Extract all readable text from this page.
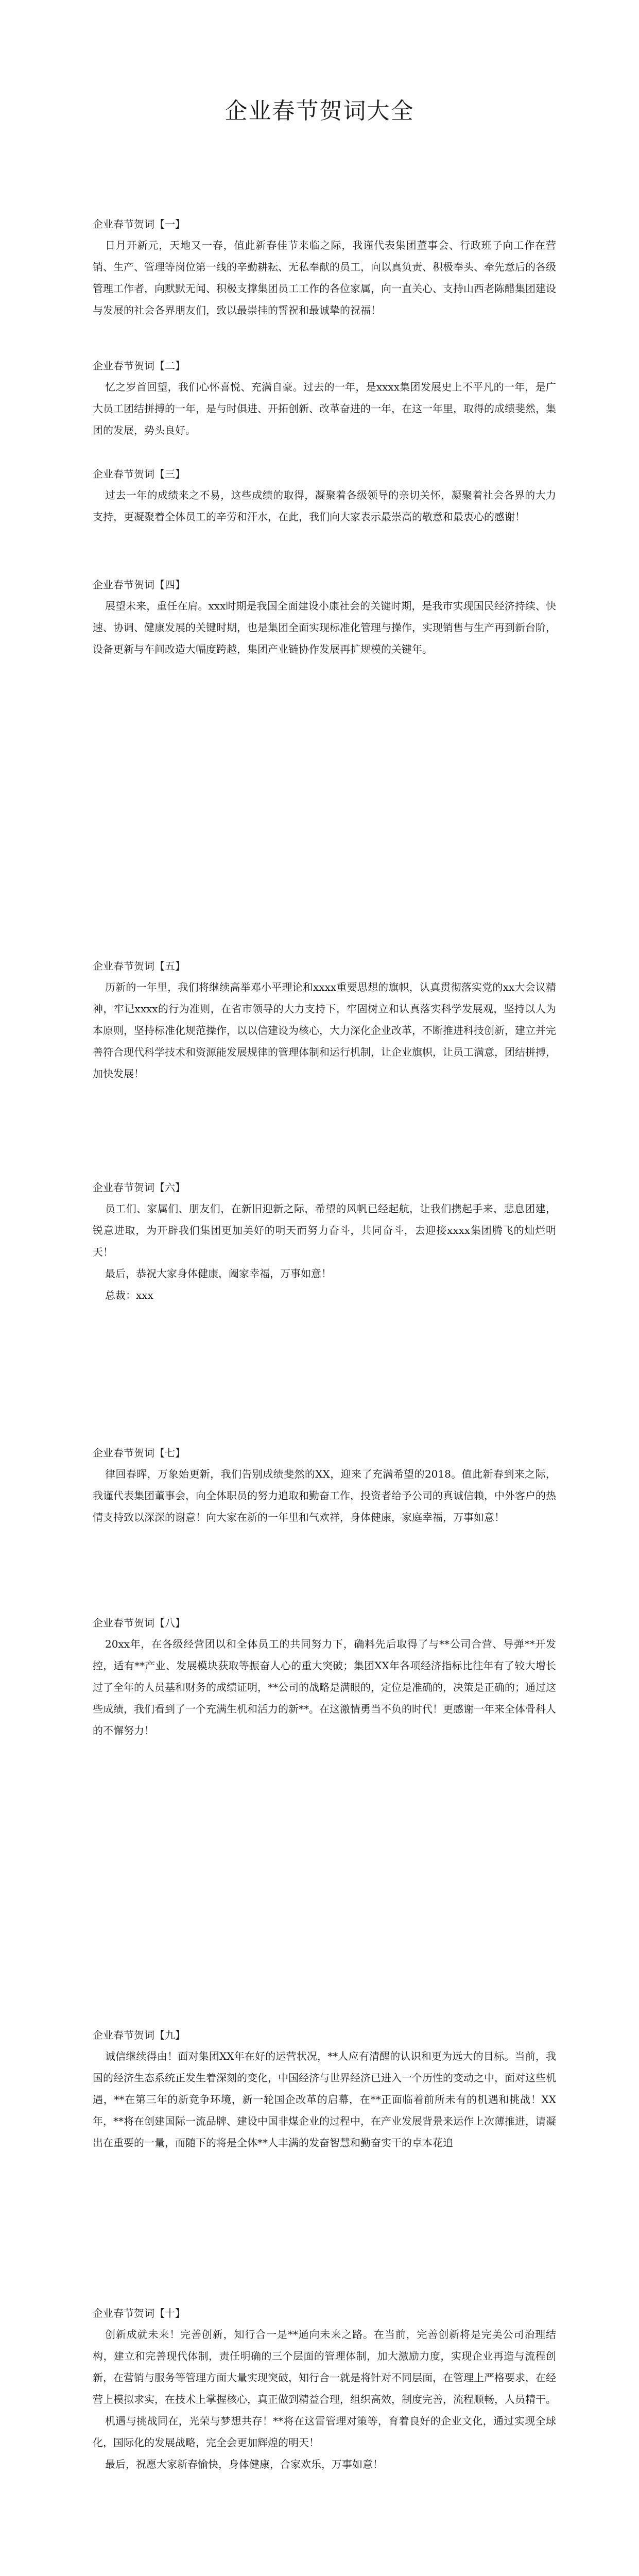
企业春节贺词大全

企业春节贺词【一】

日月开新元，天地又一春，值此新春佳节来临之际，我谨代表集团董事会、行政班子向工作在营销、生产、管理等岗位第一线的辛勤耕耘、无私奉献的员工，向以真负责、积极奉头、牵先意后的各级管理工作者，向默默无闻、积极支撑集团员工工作的各位家属，向一直关心、支持山西老陈醋集团建设与发展的社会各界朋友们，致以最崇挂的誓祝和最诚挚的祝福！

企业春节贺词【二】

忆之岁首回望，我们心怀喜悦、充满自豪。过去的一年，是xxxx集团发展史上不平凡的一年，是广大员工团结拼搏的一年，是与时俱进、开拓创新、改革奋进的一年，在这一年里，取得的成绩斐然，集团的发展，势头良好。

企业春节贺词【三】

过去一年的成绩来之不易，这些成绩的取得，凝聚着各级领导的亲切关怀，凝聚着社会各界的大力支持，更凝聚着全体员工的辛劳和汗水，在此，我们向大家表示最崇高的敬意和最衷心的感谢！

企业春节贺词【四】

展望未来，重任在肩。xxx时期是我国全面建设小康社会的关键时期，是我市实现国民经济持续、快速、协调、健康发展的关键时期，也是集团全面实现标准化管理与操作，实现销售与生产再到新台阶，设备更新与车间改造大幅度跨越，集团产业链协作发展再扩规模的关键年。

企业春节贺词【五】

历新的一年里，我们将继续高举邓小平理论和xxxx重要思想的旗帜，认真贯彻落实党的xx大会议精神，牢记xxxx的行为准则，在省市领导的大力支持下，牢固树立和认真落实科学发展观，坚持以人为本原则，坚持标准化规范操作，以以信建设为核心，大力深化企业改革，不断推进科技创新，建立并完善符合现代科学技术和资源能发展规律的管理体制和运行机制，让企业旗帜，让员工满意，团结拼搏，加快发展！

企业春节贺词【六】

员工们、家属们、朋友们，在新旧迎新之际，希望的风帆已经起航，让我们携起手来，悲息团建，锐意进取，为开辟我们集团更加美好的明天而努力奋斗，共同奋斗，去迎接xxxx集团腾飞的灿烂明天！

最后，恭祝大家身体健康，阖家幸福，万事如意！

总裁：xxx

企业春节贺词【七】

律回春晖，万象始更新，我们告别成绩斐然的XX，迎来了充满希望的2018。值此新春到来之际，我谨代表集团董事会，向全体职员的努力追取和勤奋工作，投资者给予公司的真诚信赖，中外客户的热情支持致以深深的谢意！向大家在新的一年里和气欢祥，身体健康，家庭幸福，万事如意！

企业春节贺词【八】

20xx年，在各级经营团以和全体员工的共同努力下，确料先后取得了与**公司合营、导弹**开发控，适有**产业、发展模块获取等振奋人心的重大突破；集团XX年各项经济指标比往年有了较大增长过了全年的人员基和财务的成绩证明，**公司的战略是满眼的，定位是准确的，决策是正确的；通过这些成绩，我们看到了一个充满生机和活力的新**。在这激情勇当不负的时代！更感谢一年来全体骨科人的不懈努力！

企业春节贺词【九】

诚信继续得由！面对集团XX年在好的运营状况，**人应有清醒的认识和更为远大的目标。当前，我国的经济生态系统正发生着深刻的变化，中国经济与世界经济已进入一个历性的变动之中，面对这些机遇，**在第三年的新竞争环境，新一轮国企改革的启幕，在**正面临着前所未有的机遇和挑战！XX年，**将在创建国际一流品牌、建设中国非煤企业的过程中，在产业发展背景来运作上次薄推进，请凝出在重要的一量，而随下的将是全体**人丰满的发奋智慧和勤奋实干的卓本花追

企业春节贺词【十】

创新成就未来！完善创新，知行合一是**通向未来之路。在当前，完善创新将是完美公司治理结构，建立和完善现代体制，责任明确的三个层面的管理体制，加大激励力度，实现企业再造与流程创新，在营销与服务等管理方面大量实现突破，知行合一就是将针对不同层面，在管理上严格要求，在经营上模拟求实，在技术上掌握核心，真正做到精益合理，组织高效，制度完善，流程顺畅，人员精干。

机遇与挑战同在，光荣与梦想共存！**将在这雷管理对策等，育着良好的企业文化，通过实现全球化，国际化的发展战略，完全会更加辉煌的明天！

最后，祝愿大家新春愉快，身体健康，合家欢乐，万事如意！
